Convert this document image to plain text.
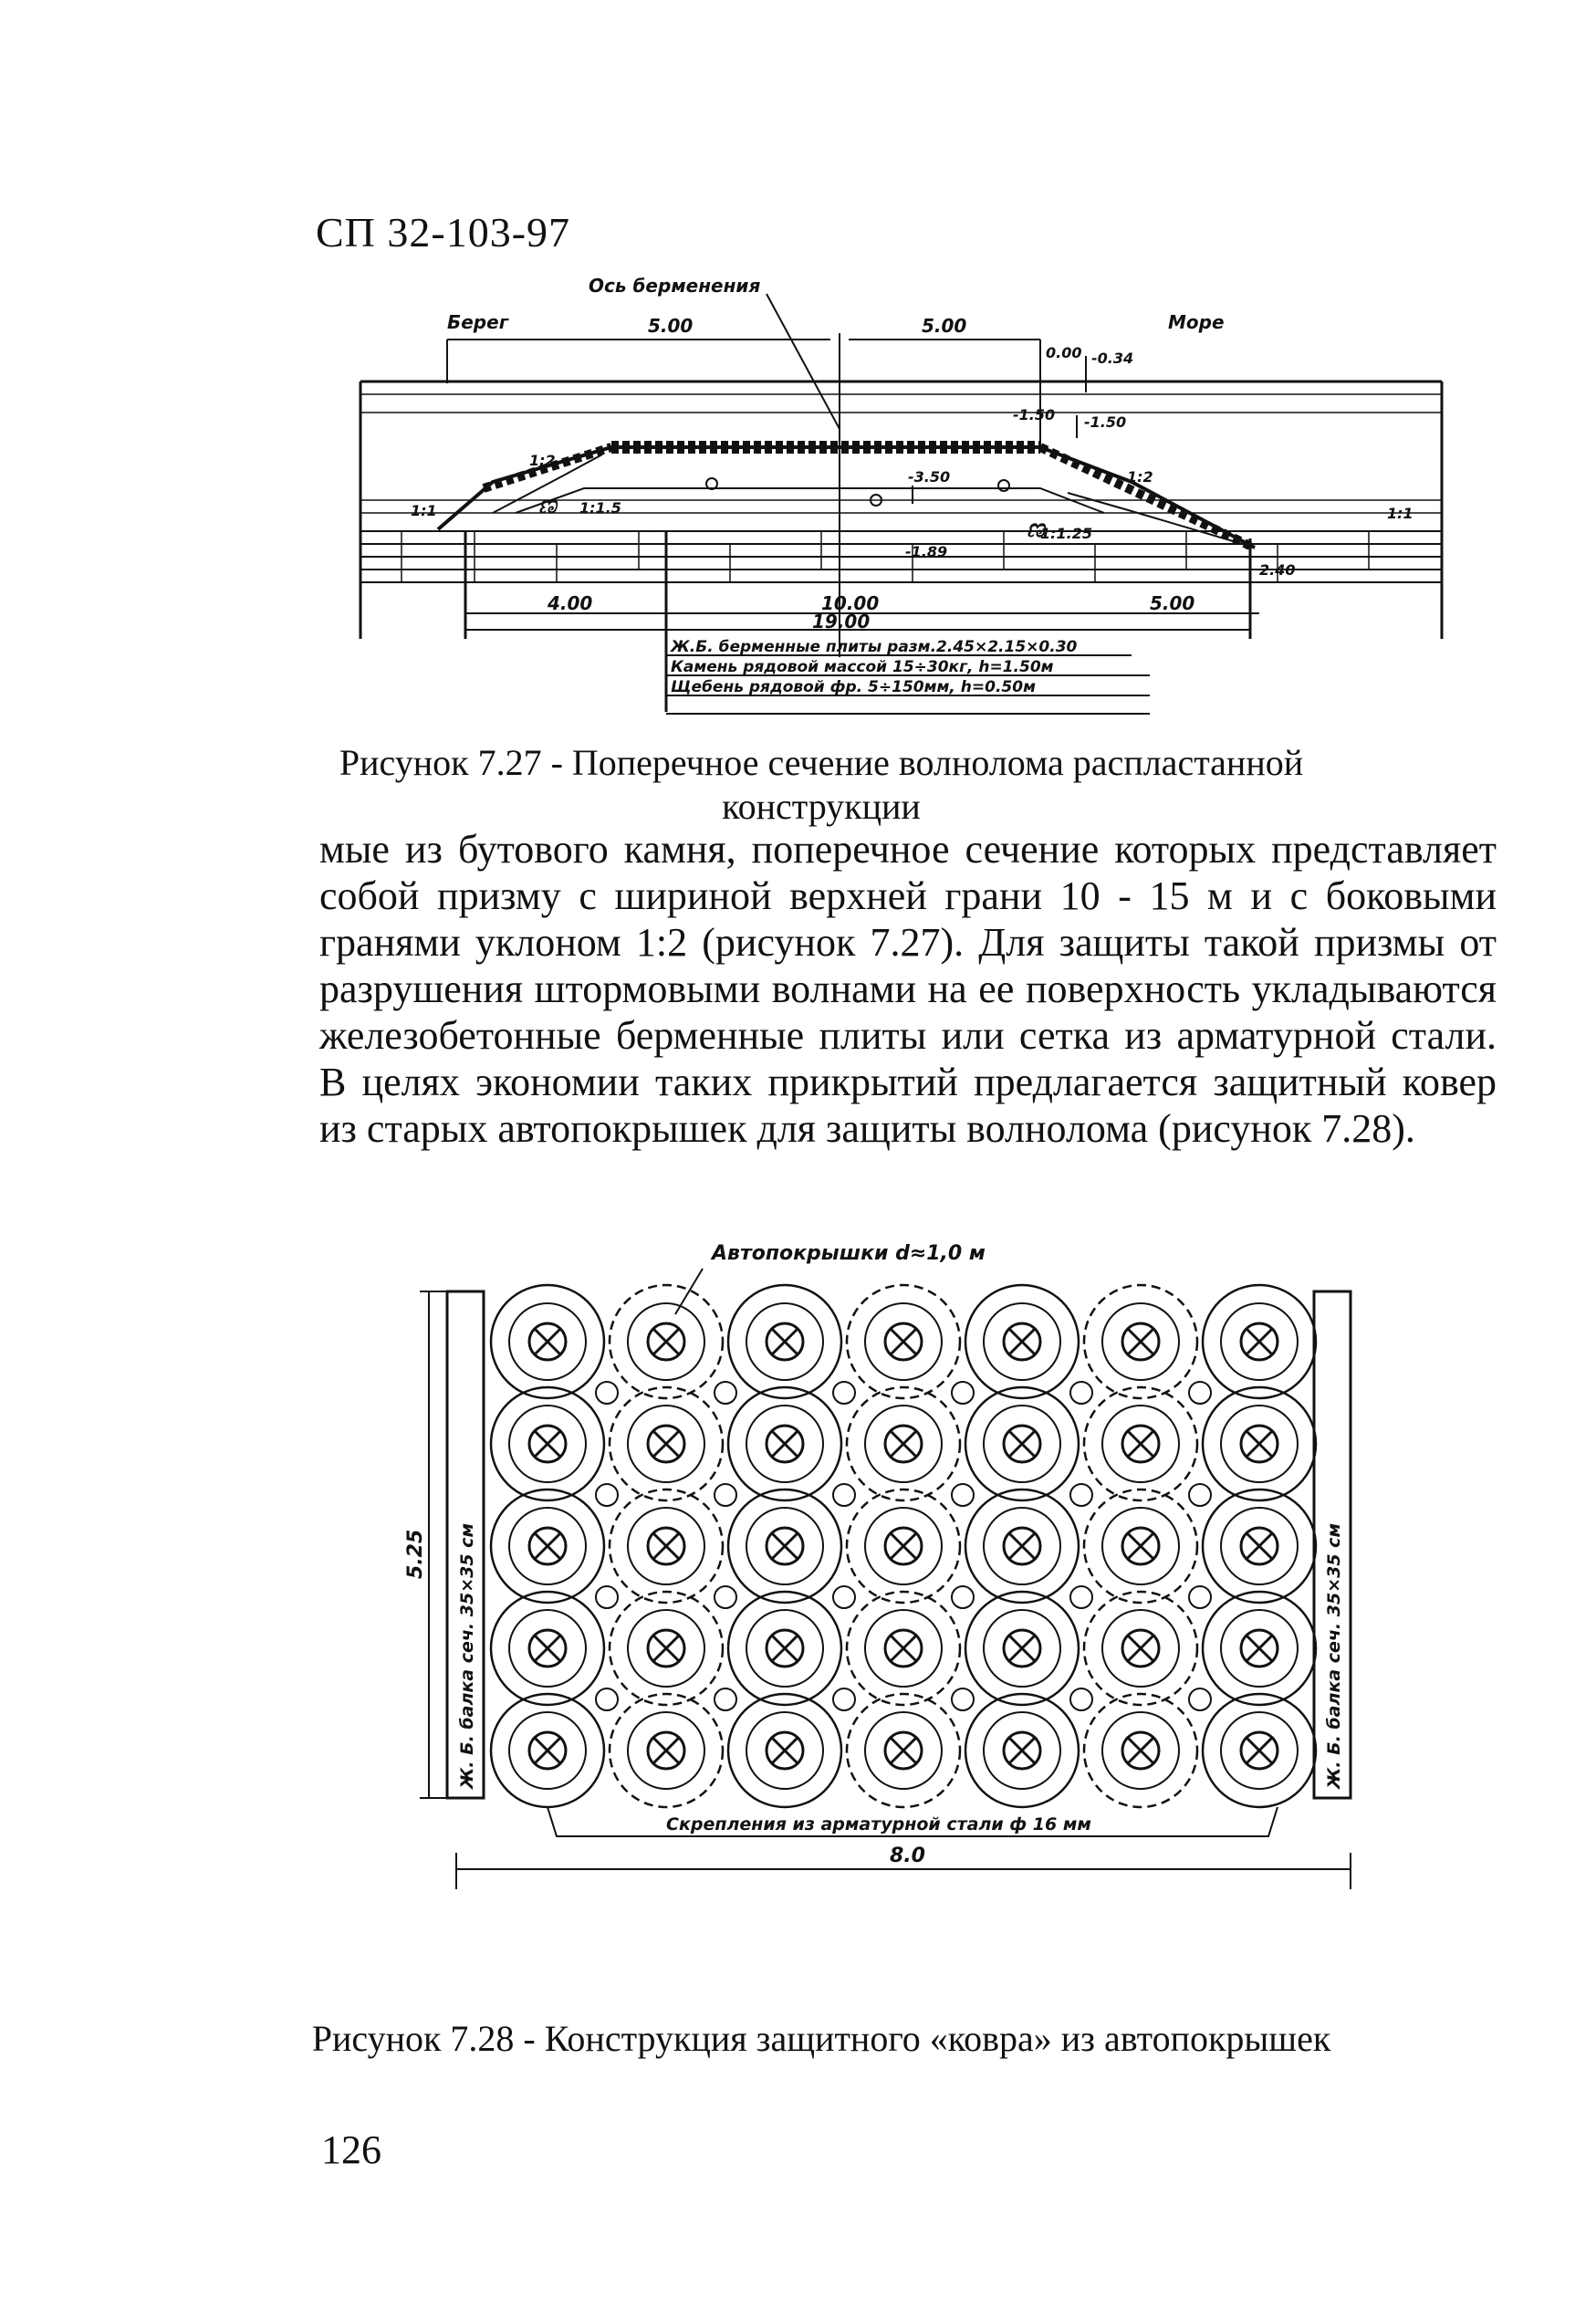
СП 32-103-97
Ось берменения
Берег	Море
5.00	5.00
0.00 -0.34
-1.50 -1.50
-3.50
-1.89
1:2
1:1.5
1:2
1:1.25
1:1	1:1
4.00	10.00	5.00
19.00
2.40
Ж.Б. берменные плиты разм.2.45×2.15×0.30
Камень рядовой массой 15÷30кг, h=1.50м
Щебень рядовой фр. 5÷150мм, h=0.50м
ಣ
ಣ
Рисунок 7.27 - Поперечное сечение волнолома распластанной конструкции
мые из бутового камня, поперечное сечение которых представляет собой призму с шириной верхней грани 10 - 15 м и с боковыми гранями уклоном 1:2 (рисунок 7.27). Для защиты такой призмы от разрушения штормовыми волнами на ее поверхность укладываются железобетонные берменные плиты или сетка из арматурной стали. В целях экономии таких прикрытий предлагается защитный ковер из старых автопокрышек для защиты волнолома (рисунок 7.28).
Автопокрышки d≈1,0 м
Скрепления из арматурной стали ф 16 мм
8.0
Ж. Б. балка сеч. 35×35 см	Ж. Б. балка сеч. 35×35 см
5.25
Рисунок 7.28 - Конструкция защитного «ковра» из автопокрышек
126
